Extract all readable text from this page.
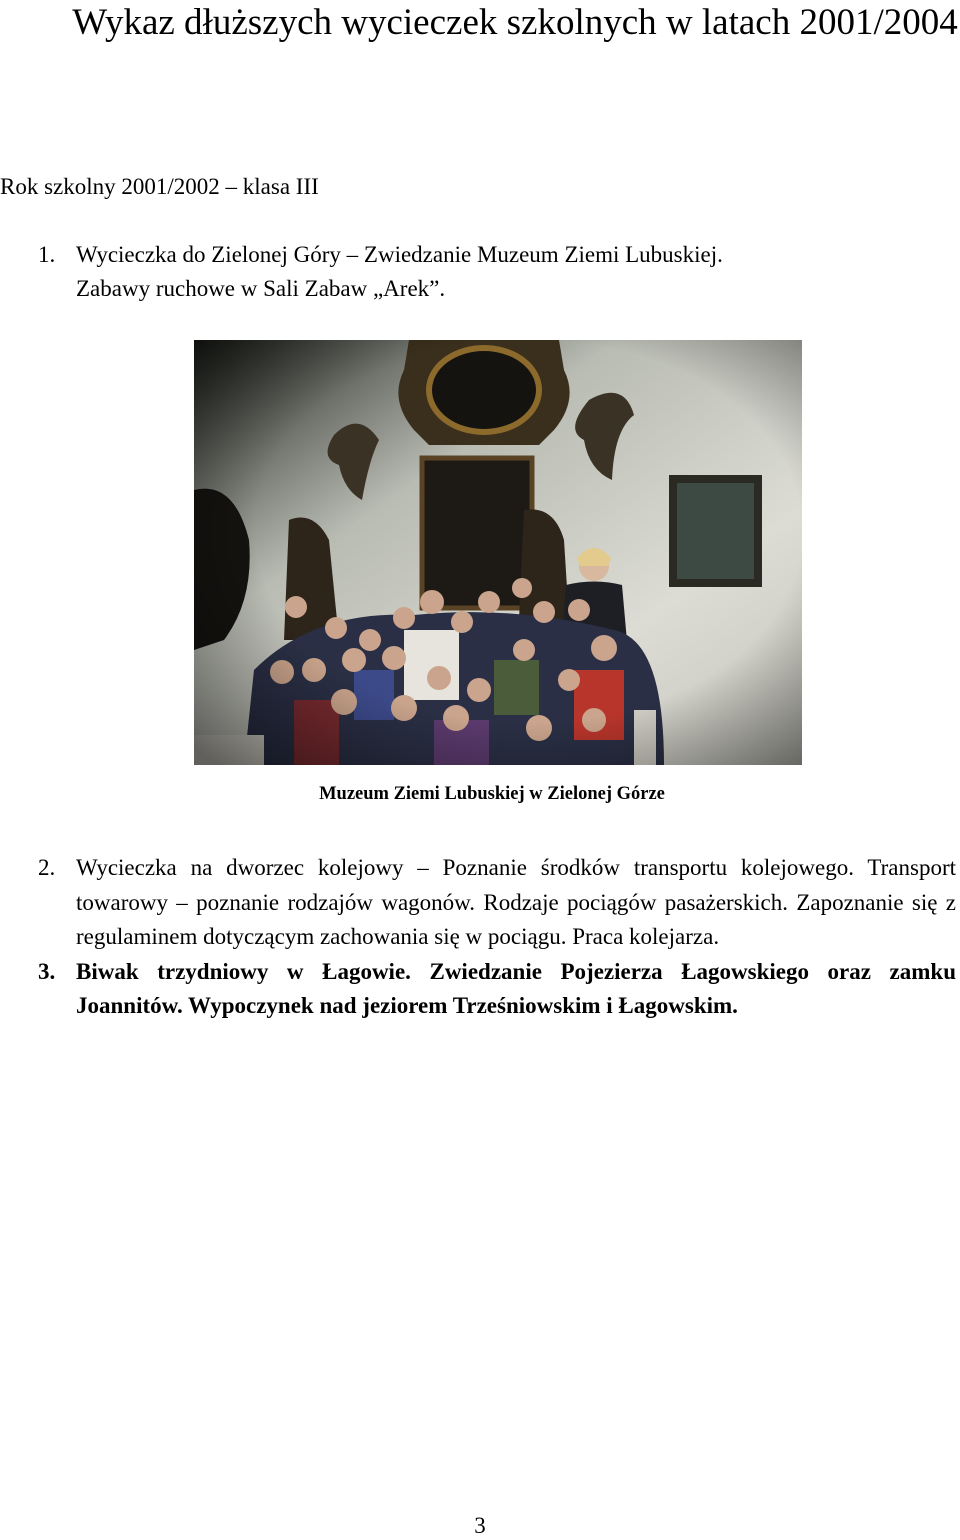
Wykaz dłuższych wycieczek szkolnych w latach 2001/2004
Rok szkolny 2001/2002 – klasa III
1. Wycieczka do Zielonej Góry – Zwiedzanie Muzeum Ziemi Lubuskiej.
Zabawy ruchowe w Sali Zabaw „Arek”.
Muzeum Ziemi Lubuskiej w Zielonej Górze
2. Wycieczka na dworzec kolejowy – Poznanie środków transportu kolejowego. Transport towarowy – poznanie rodzajów wagonów. Rodzaje pociągów pasażerskich. Zapoznanie się z regulaminem dotyczącym zachowania się w pociągu. Praca kolejarza.
3. Biwak trzydniowy w Łagowie. Zwiedzanie Pojezierza Łagowskiego oraz zamku Joannitów. Wypoczynek nad jeziorem Trześniowskim i Łagowskim.
3
